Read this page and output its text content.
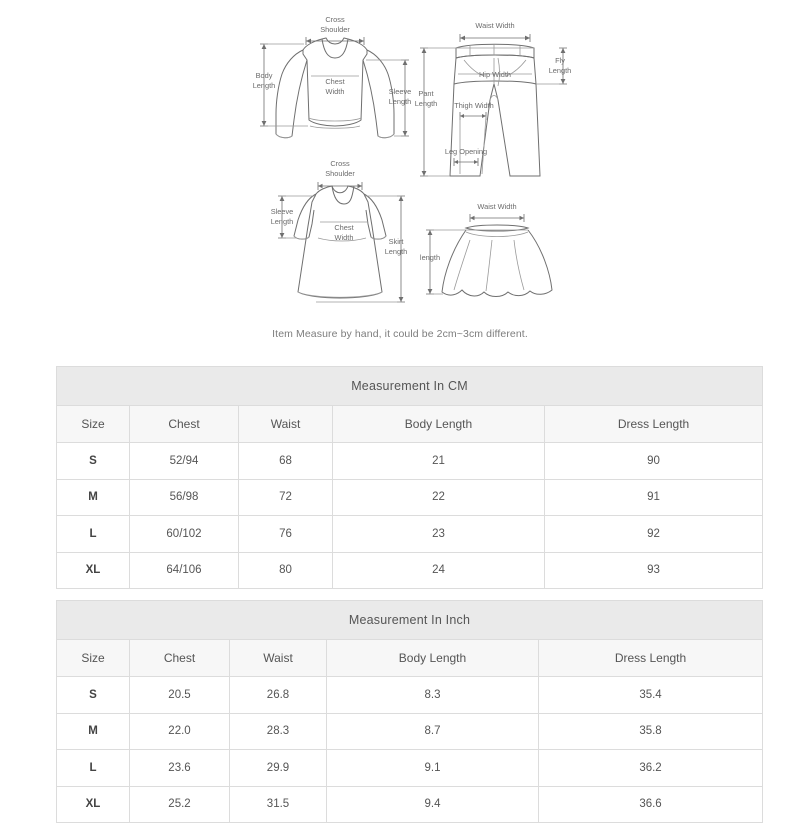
Cross
Shoulder
Body
Length	Chest
Width	Sleeve
Length
Waist Width
Pant
Length
Fly
Length
Hip Width
Thigh Width
Leg Opening
Cross
Shoulder
Sleeve
Length
Chest
Width	Skirt
Length
Waist Width
length
Item Measure by hand, it could be 2cm~3cm different.
Measurement In CM				
Size	Chest	Waist	Body Length	Dress Length
S	52/94	68	21	90
M	56/98	72	22	91
L	60/102	76	23	92
XL	64/106	80	24	93
Measurement In Inch				
Size	Chest	Waist	Body Length	Dress Length
S	20.5	26.8	8.3	35.4
M	22.0	28.3	8.7	35.8
L	23.6	29.9	9.1	36.2
XL	25.2	31.5	9.4	36.6
